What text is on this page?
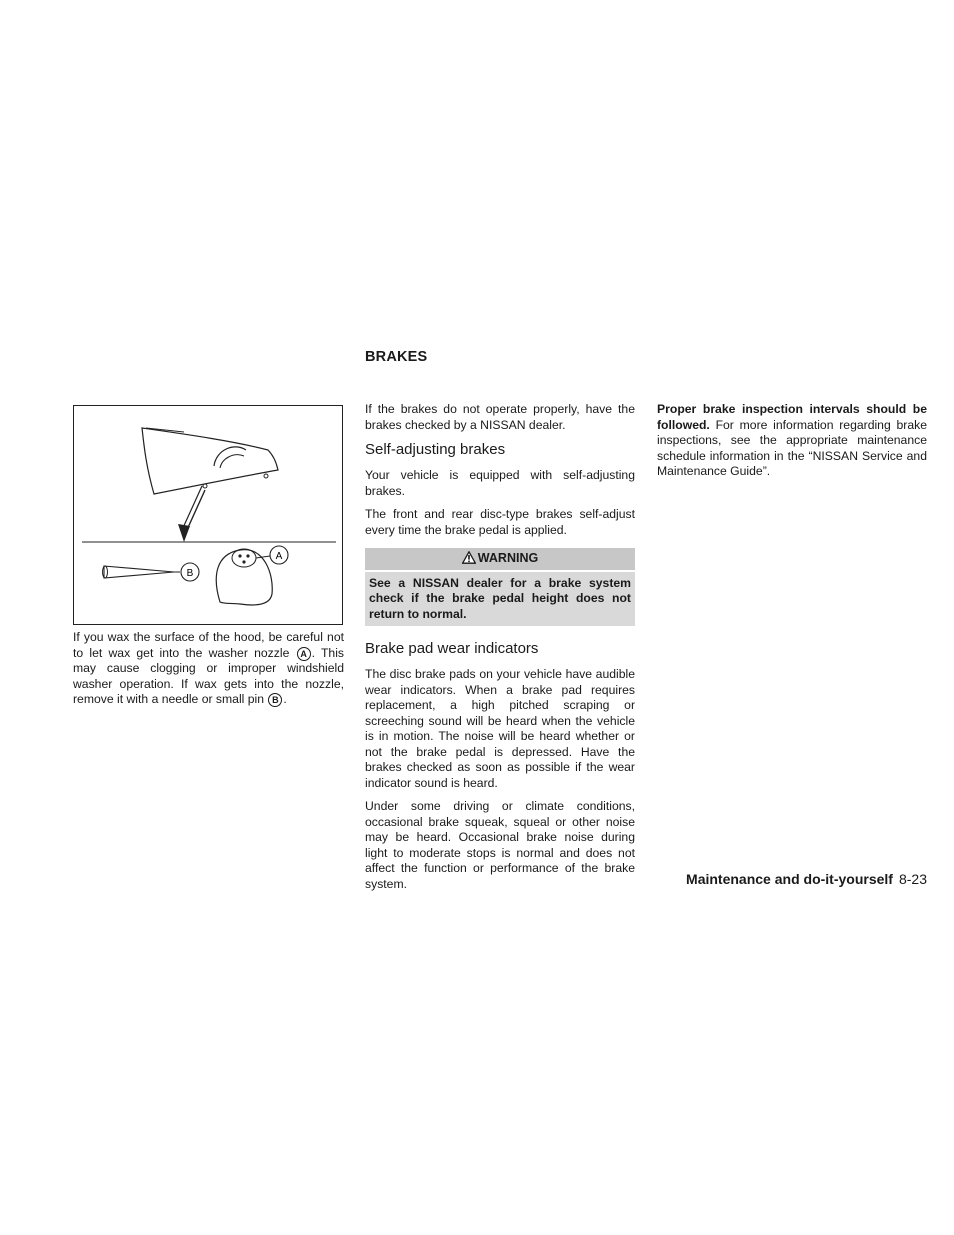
BRAKES
A
B

If you wax the surface of the hood, be careful not to let wax get into the washer nozzle A . This may cause clogging or improper windshield washer operation. If wax gets into the nozzle, remove it with a needle or small pin B .

If the brakes do not operate properly, have the brakes checked by a NISSAN dealer.

Self-adjusting brakes

Your vehicle is equipped with self-adjusting brakes.

The front and rear disc-type brakes self-adjust every time the brake pedal is applied.

WARNING
See a NISSAN dealer for a brake system check if the brake pedal height does not return to normal.
Brake pad wear indicators

The disc brake pads on your vehicle have audible wear indicators. When a brake pad requires replacement, a high pitched scraping or screeching sound will be heard when the vehicle is in motion. The noise will be heard whether or not the brake pedal is depressed. Have the brakes checked as soon as possible if the wear indicator sound is heard.

Under some driving or climate conditions, occasional brake squeak, squeal or other noise may be heard. Occasional brake noise during light to moderate stops is normal and does not affect the function or performance of the brake system.

Proper brake inspection intervals should be followed. For more information regarding brake inspections, see the appropriate maintenance schedule information in the “NISSAN Service and Maintenance Guide”.

Maintenance and do-it-yourself 8-23
